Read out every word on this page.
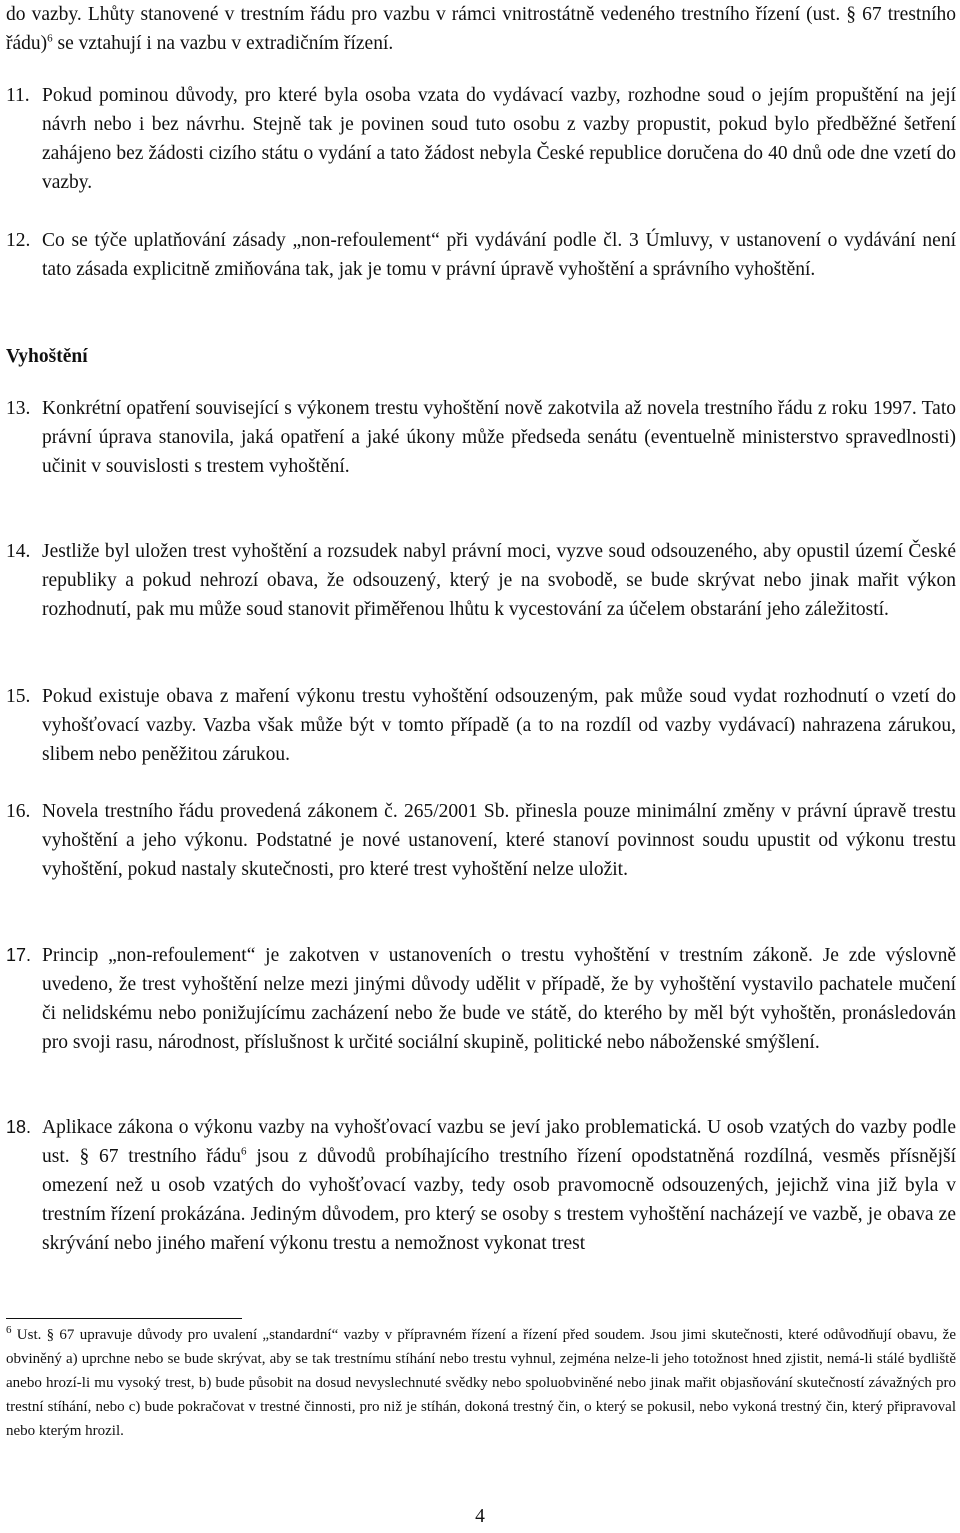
do vazby. Lhůty stanovené v trestním řádu pro vazbu v rámci vnitrostátně vedeného trestního řízení (ust. § 67 trestního řádu)$^6$ se vztahují i na vazbu v extradičním řízení.

11. Pokud pominou důvody, pro které byla osoba vzata do vydávací vazby, rozhodne soud o jejím propuštění na její návrh nebo i bez návrhu. Stejně tak je povinen soud tuto osobu z vazby propustit, pokud bylo předběžné šetření zahájeno bez žádosti cizího státu o vydání a tato žádost nebyla České republice doručena do 40 dnů ode dne vzetí do vazby.

12. Co se týče uplatňování zásady „non-refoulement“ při vydávání podle čl. 3 Úmluvy, v ustanovení o vydávání není tato zásada explicitně zmiňována tak, jak je tomu v právní úpravě vyhoštění a správního vyhoštění.

Vyhoštění

13. Konkrétní opatření související s výkonem trestu vyhoštění nově zakotvila až novela trestního řádu z roku 1997. Tato právní úprava stanovila, jaká opatření a jaké úkony může předseda senátu (eventuelně ministerstvo spravedlnosti) učinit v souvislosti s trestem vyhoštění.

14. Jestliže byl uložen trest vyhoštění a rozsudek nabyl právní moci, vyzve soud odsouzeného, aby opustil území České republiky a pokud nehrozí obava, že odsouzený, který je na svobodě, se bude skrývat nebo jinak mařit výkon rozhodnutí, pak mu může soud stanovit přiměřenou lhůtu k vycestování za účelem obstarání jeho záležitostí.

15. Pokud existuje obava z maření výkonu trestu vyhoštění odsouzeným, pak může soud vydat rozhodnutí o vzetí do vyhošťovací vazby. Vazba však může být v tomto případě (a to na rozdíl od vazby vydávací) nahrazena zárukou, slibem nebo peněžitou zárukou.

16. Novela trestního řádu provedená zákonem č. 265/2001 Sb. přinesla pouze minimální změny v právní úpravě trestu vyhoštění a jeho výkonu. Podstatné je nové ustanovení, které stanoví povinnost soudu upustit od výkonu trestu vyhoštění, pokud nastaly skutečnosti, pro které trest vyhoštění nelze uložit.

17. Princip „non-refoulement“ je zakotven v ustanoveních o trestu vyhoštění v trestním zákoně. Je zde výslovně uvedeno, že trest vyhoštění nelze mezi jinými důvody udělit v případě, že by vyhoštění vystavilo pachatele mučení či nelidskému nebo ponižujícímu zacházení nebo že bude ve státě, do kterého by měl být vyhoštěn, pronásledován pro svoji rasu, národnost, příslušnost k určité sociální skupině, politické nebo náboženské smýšlení.

18. Aplikace zákona o výkonu vazby na vyhošťovací vazbu se jeví jako problematická. U osob vzatých do vazby podle ust. § 67 trestního řádu$^6$ jsou z důvodů probíhajícího trestního řízení opodstatněná rozdílná, vesměs přísnější omezení než u osob vzatých do vyhošťovací vazby, tedy osob pravomocně odsouzených, jejichž vina již byla v trestním řízení prokázána. Jediným důvodem, pro který se osoby s trestem vyhoštění nacházejí ve vazbě, je obava ze skrývání nebo jiného maření výkonu trestu a nemožnost vykonat trest

$^6$ Ust. § 67 upravuje důvody pro uvalení „standardní“ vazby v přípravném řízení a řízení před soudem. Jsou jimi skutečnosti, které odůvodňují obavu, že obviněný a) uprchne nebo se bude skrývat, aby se tak trestnímu stíhání nebo trestu vyhnul, zejména nelze-li jeho totožnost hned zjistit, nemá-li stálé bydliště anebo hrozí-li mu vysoký trest, b) bude působit na dosud nevyslechnuté svědky nebo spoluobviněné nebo jinak mařit objasňování skutečností závažných pro trestní stíhání, nebo c) bude pokračovat v trestné činnosti, pro niž je stíhán, dokoná trestný čin, o který se pokusil, nebo vykoná trestný čin, který připravoval nebo kterým hrozil.

4
